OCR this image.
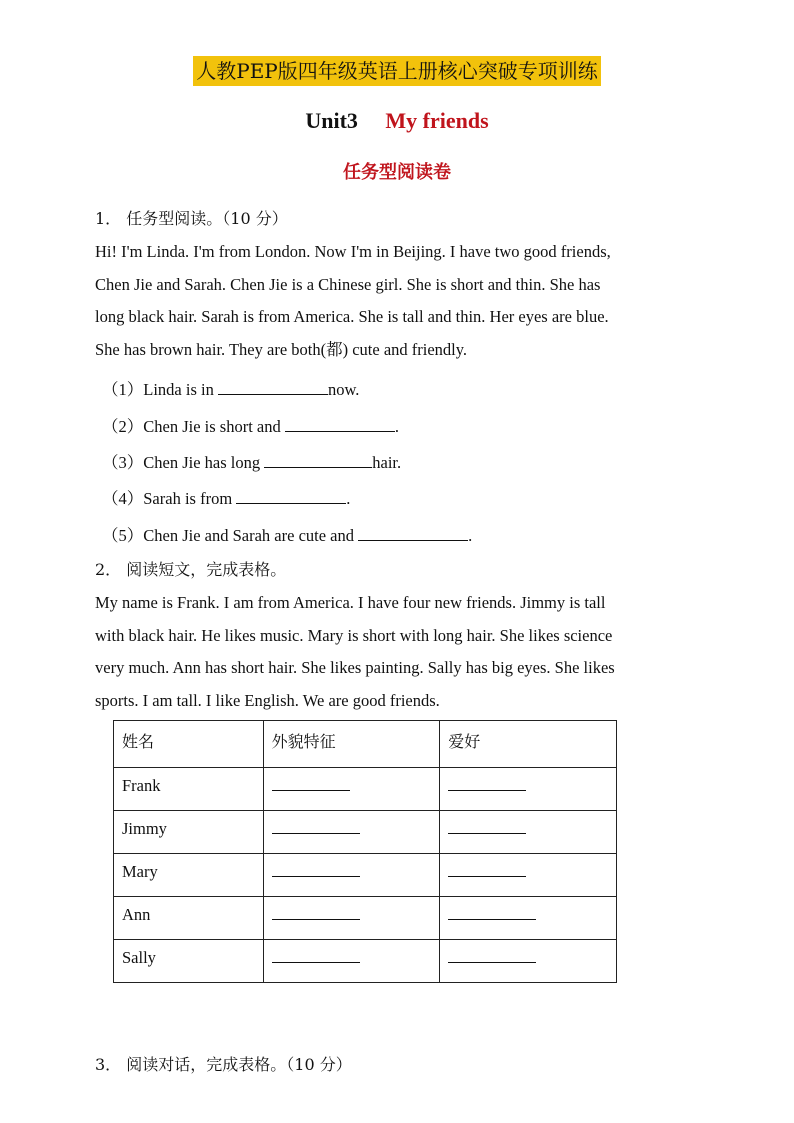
人教PEP版四年级英语上册核心突破专项训练
Unit3 My friends
任务型阅读卷
1． 任务型阅读。（10 分）
Hi! I'm Linda. I'm from London. Now I'm in Beijing. I have two good friends,
Chen Jie and Sarah. Chen Jie is a Chinese girl. She is short and thin. She has
long black hair. Sarah is from America. She is tall and thin. Her eyes are blue.
She has brown hair. They are both(都) cute and friendly.
（1）Linda is in	now.
（2）Chen Jie is short and	.
（3）Chen Jie has long	hair.
（4）Sarah is from	.
（5）Chen Jie and Sarah are cute and	.
2． 阅读短文，完成表格。
My name is Frank. I am from America. I have four new friends. Jimmy is tall
with black hair. He likes music. Mary is short with long hair. She likes science
very much. Ann has short hair. She likes painting. Sally has big eyes. She likes
sports. I am tall. I like English. We are good friends.
姓名	外貌特征	爱好
Frank		
Jimmy		
Mary		
Ann		
Sally		
3． 阅读对话，完成表格。（10 分）
